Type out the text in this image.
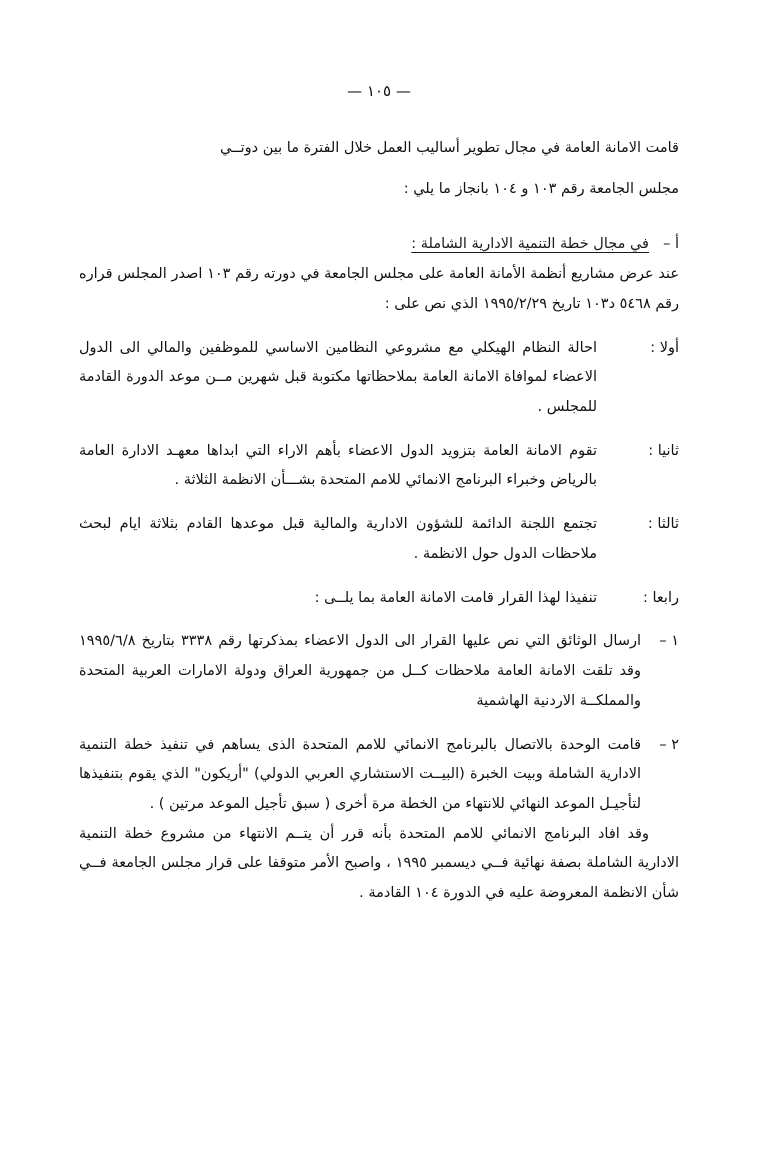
— ١٠٥ —

قامت الامانة العامة في مجال تطوير أساليب العمل خلال الفترة ما بين دوتــي

مجلس الجامعة رقم ١٠٣ و ١٠٤ بانجاز ما يلي :

أ –
في مجال خطة التنمية الادارية الشاملة :

عند عرض مشاريع أنظمة الأمانة العامة على مجلس الجامعة في دورته رقم ١٠٣ اصدر المجلس قراره رقم ٥٤٦٨ د١٠٣ تاريخ ١٩٩٥/٢/٢٩ الذي نص على :

أولا :
احالة النظام الهيكلي مع مشروعي النظامين الاساسي للموظفين والمالي الى الدول الاعضاء لموافاة الامانة العامة بملاحظاتها مكتوبة قبل شهرين مــن موعد الدورة القادمة للمجلس .
ثانيا :
تقوم الامانة العامة بتزويد الدول الاعضاء بأهم الاراء التي ابداها معهـد الادارة العامة بالرياض وخبراء البرنامج الانمائي للامم المتحدة بشـــأن الانظمة الثلاثة .
ثالثا :
تجتمع اللجنة الدائمة للشؤون الادارية والمالية قبل موعدها القادم بثلاثة ايام لبحث ملاحظات الدول حول الانظمة .
رابعا :
تنفيذا لهذا القرار قامت الامانة العامة بما يلــى :
١ –
ارسال الوثائق التي نص عليها القرار الى الدول الاعضاء بمذكرتها رقم ٣٣٣٨ بتاريخ ١٩٩٥/٦/٨ وقد تلقت الامانة العامة ملاحظات كــل من جمهورية العراق ودولة الامارات العربية المتحدة والمملكــة الاردنية الهاشمية
٢ –
قامت الوحدة بالاتصال بالبرنامج الانمائي للامم المتحدة الذى يساهم في تنفيذ خطة التنمية الادارية الشاملة وبيت الخبرة (البيــت الاستشاري العربي الدولي) "أريكون" الذي يقوم بتنفيذها لتأجيـل الموعد النهائي للانتهاء من الخطة مرة أخرى ( سبق تأجيل الموعد مرتين ) .

وقد افاد البرنامج الانمائي للامم المتحدة بأنه قرر أن يتــم الانتهاء من مشروع خطة التنمية الادارية الشاملة بصفة نهائية فــي ديسمبر ١٩٩٥ ، واصبح الأمر متوقفا على قرار مجلس الجامعة فــي شأن الانظمة المعروضة عليه في الدورة ١٠٤ القادمة .
